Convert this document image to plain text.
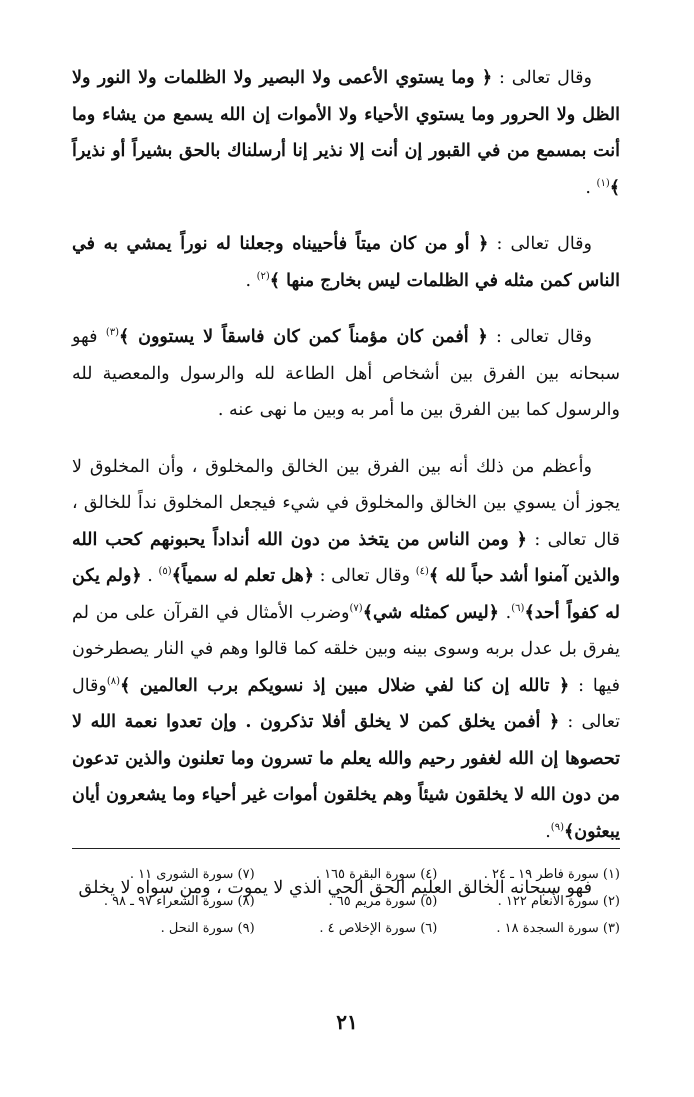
وقال تعالى : ﴿ وما يستوي الأعمى ولا البصير ولا الظلمات ولا النور ولا الظل ولا الحرور وما يستوي الأحياء ولا الأموات إن الله يسمع من يشاء وما أنت بمسمع من في القبور إن أنت إلا نذير إنا أرسلناك بالحق بشيراً أو نذيراً ﴾$^{(١)}$ .

وقال تعالى : ﴿ أو من كان ميتاً فأحييناه وجعلنا له نوراً يمشي به في الناس كمن مثله في الظلمات ليس بخارج منها ﴾$^{(٢)}$ .

وقال تعالى : ﴿ أفمن كان مؤمناً كمن كان فاسقاً لا يستوون ﴾$^{(٣)}$ فهو سبحانه بين الفرق بين أشخاص أهل الطاعة لله والرسول والمعصية لله والرسول كما بين الفرق بين ما أمر به وبين ما نهى عنه .

وأعظم من ذلك أنه بين الفرق بين الخالق والمخلوق ، وأن المخلوق لا يجوز أن يسوي بين الخالق والمخلوق في شيء فيجعل المخلوق نداً للخالق ، قال تعالى : ﴿ ومن الناس من يتخذ من دون الله أنداداً يحبونهم كحب الله والذين آمنوا أشد حباً لله ﴾$^{(٤)}$ وقال تعالى : ﴿هل تعلم له سمياً﴾$^{(٥)}$ . ﴿ولم يكن له كفواً أحد﴾$^{(٦)}$. ﴿ليس كمثله شي﴾$^{(٧)}$وضرب الأمثال في القرآن على من لم يفرق بل عدل بربه وسوى بينه وبين خلقه كما قالوا وهم في النار يصطرخون فيها : ﴿ تالله إن كنا لفي ضلال مبين إذ نسويكم برب العالمين ﴾$^{(٨)}$وقال تعالى : ﴿ أفمن يخلق كمن لا يخلق أفلا تذكرون . وإن تعدوا نعمة الله لا تحصوها إن الله لغفور رحيم والله يعلم ما تسرون وما تعلنون والذين تدعون من دون الله لا يخلقون شيئاً وهم يخلقون أموات غير أحياء وما يشعرون أيان يبعثون﴾$^{(٩)}$.

فهو سبحانه الخالق العليم الحق الحي الذي لا يموت ، ومن سواه لا يخلق

(١) سورة فاطر ١٩ ـ ٢٤ .
(٤) سورة البقرة ١٦٥ .
(٧) سورة الشورى ١١ .
(٢) سورة الأنعام ١٢٢ .
(٥) سورة مريم ٦٥ .
(٨) سورة الشعراء ٩٧ ـ ٩٨ .
(٣) سورة السجدة ١٨ .
(٦) سورة الإخلاص ٤ .
(٩) سورة النحل .
٢١
